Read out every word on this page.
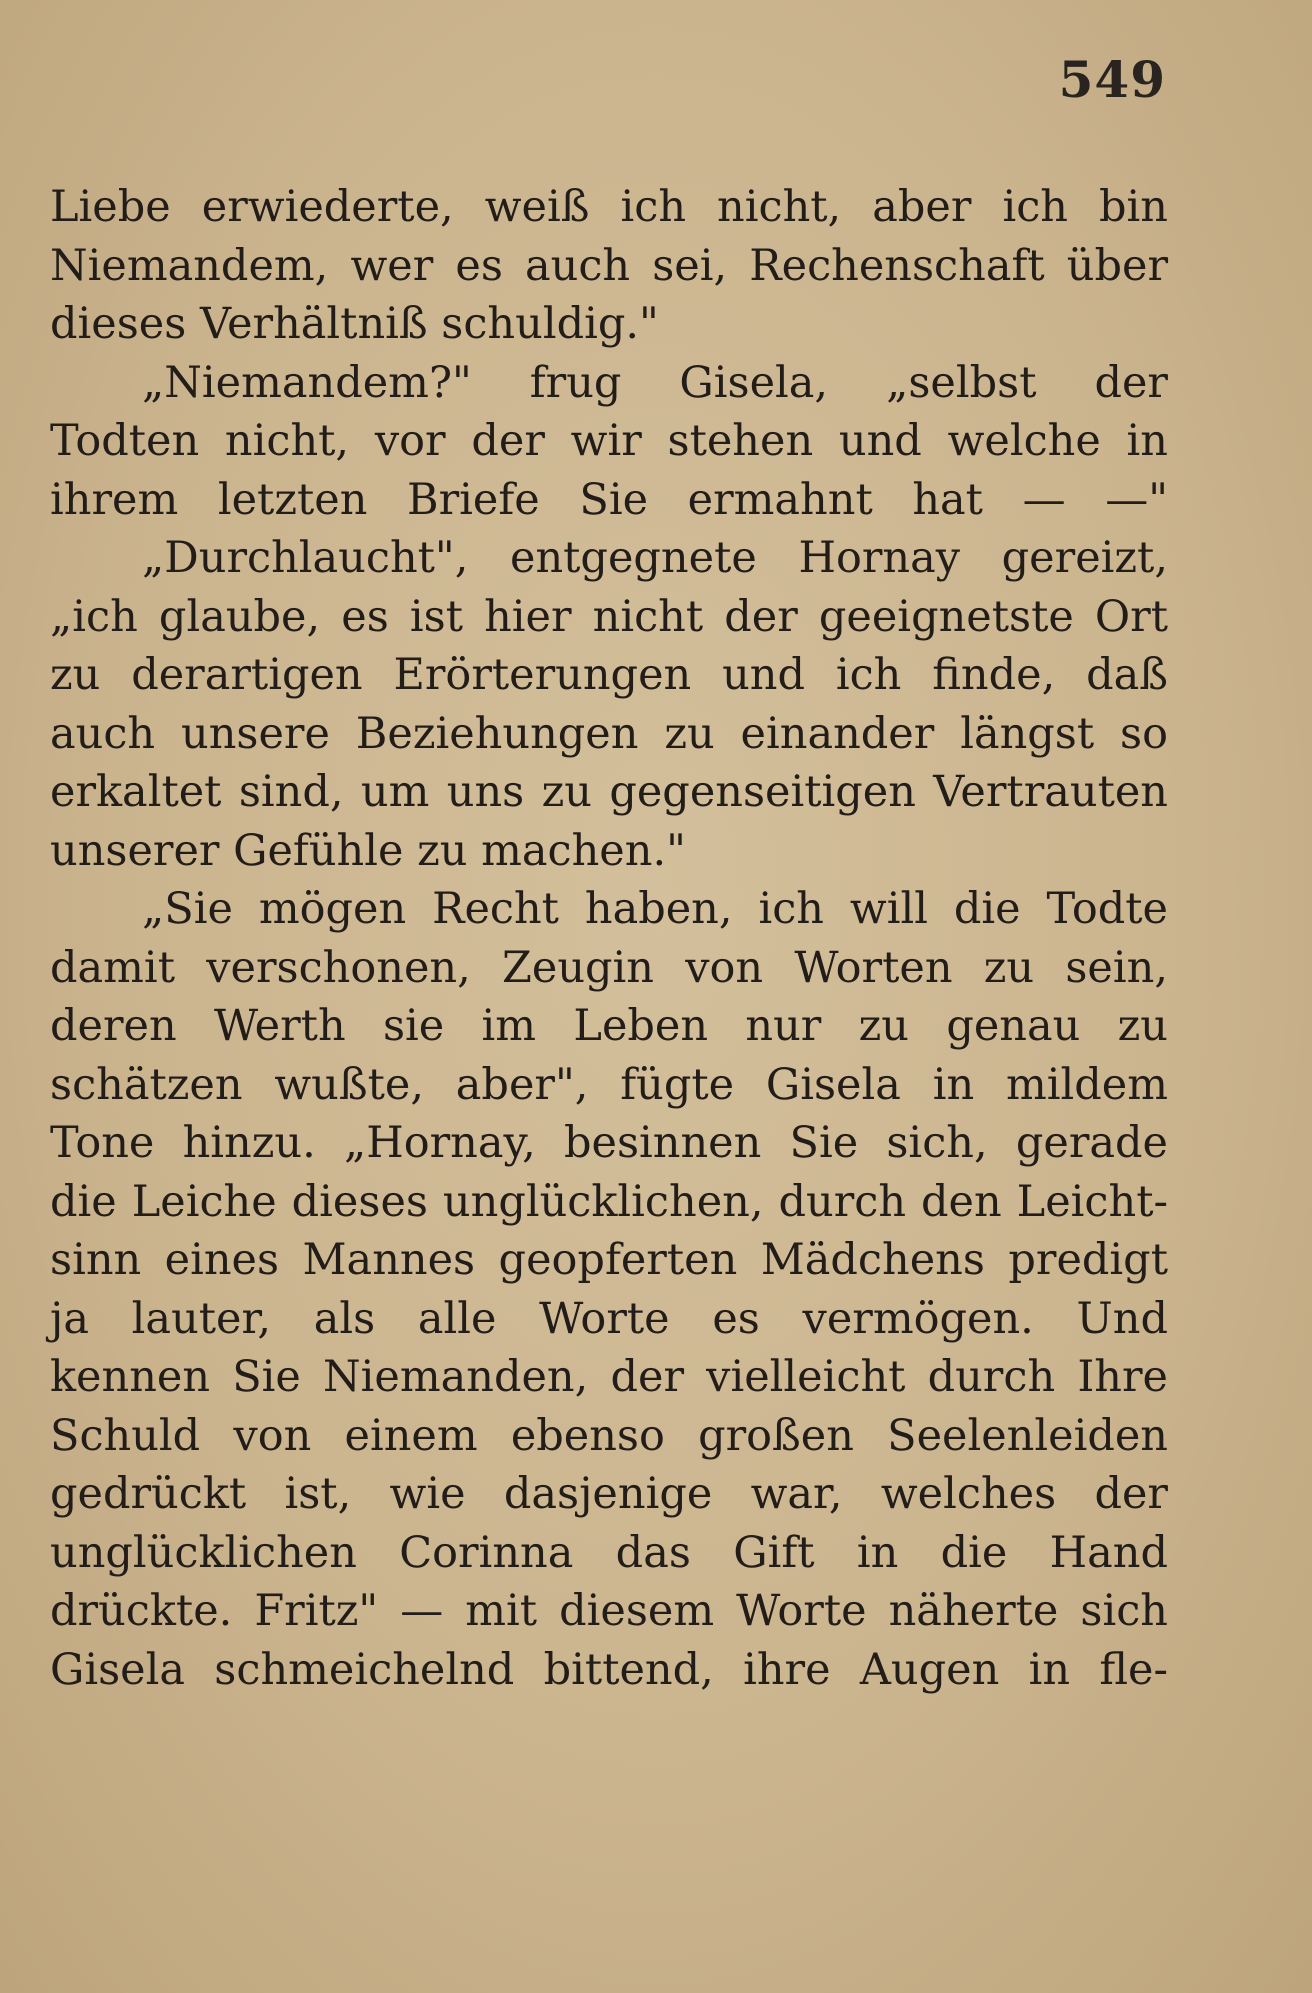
549

Liebe erwiederte, weiß ich nicht, aber ich bin
Niemandem, wer es auch sei, Rechenschaft über
dieses Verhältniß schuldig."

„Niemandem?" frug Gisela, „selbst der
Todten nicht, vor der wir stehen und welche in
ihrem letzten Briefe Sie ermahnt hat — —"

„Durchlaucht", entgegnete Hornay gereizt,
„ich glaube, es ist hier nicht der geeignetste Ort
zu derartigen Erörterungen und ich finde, daß
auch unsere Beziehungen zu einander längst so
erkaltet sind, um uns zu gegenseitigen Vertrauten
unserer Gefühle zu machen."

„Sie mögen Recht haben, ich will die Todte
damit verschonen, Zeugin von Worten zu sein,
deren Werth sie im Leben nur zu genau zu
schätzen wußte, aber", fügte Gisela in mildem
Tone hinzu. „Hornay, besinnen Sie sich, gerade
die Leiche dieses unglücklichen, durch den Leicht-
sinn eines Mannes geopferten Mädchens predigt
ja lauter, als alle Worte es vermögen. Und
kennen Sie Niemanden, der vielleicht durch Ihre
Schuld von einem ebenso großen Seelenleiden
gedrückt ist, wie dasjenige war, welches der
unglücklichen Corinna das Gift in die Hand
drückte. Fritz" — mit diesem Worte näherte sich
Gisela schmeichelnd bittend, ihre Augen in fle-
